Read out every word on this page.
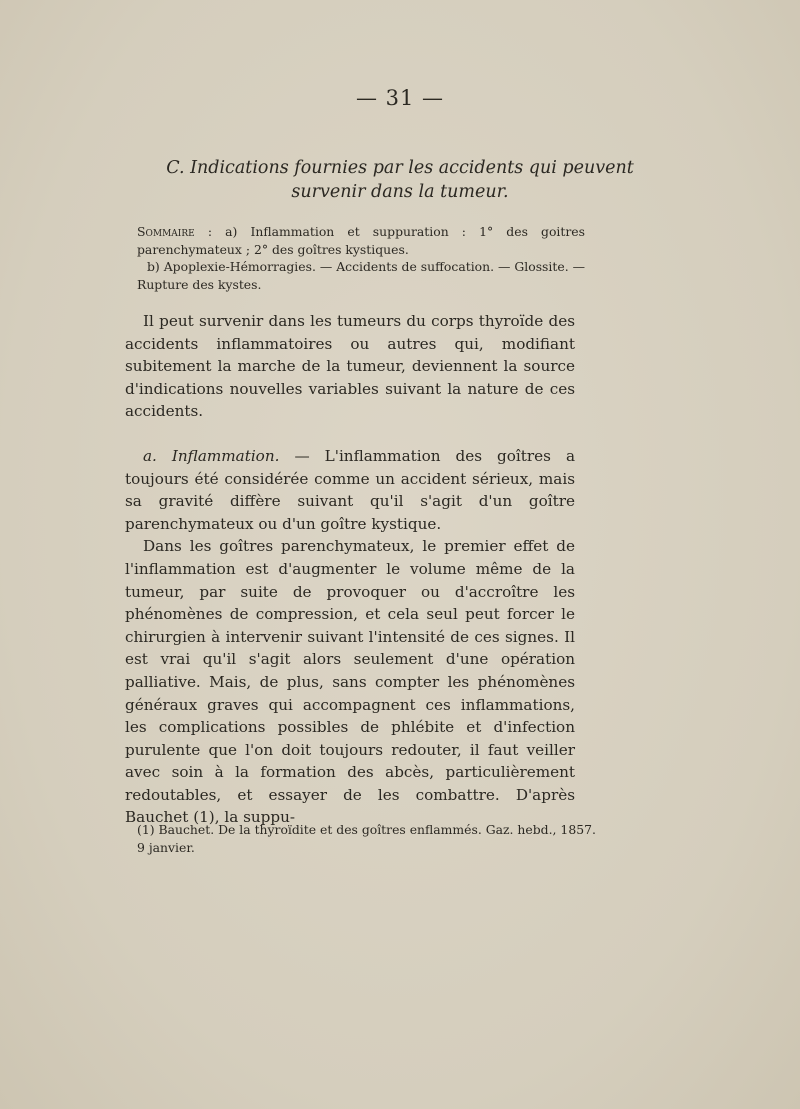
— 31 —
C. Indications fournies par les accidents qui peuvent
survenir dans la tumeur.

Sommaire : a) Inflammation et suppuration : 1° des goitres parenchymateux ; 2° des goîtres kystiques.

b) Apoplexie-Hémorragies. — Accidents de suffocation. — Glossite. — Rupture des kystes.

Il peut survenir dans les tumeurs du corps thyroïde des accidents inflammatoires ou autres qui, modifiant subitement la marche de la tumeur, deviennent la source d'indications nouvelles variables suivant la nature de ces accidents.

a. Inflammation. — L'inflammation des goîtres a toujours été considérée comme un accident sérieux, mais sa gravité diffère suivant qu'il s'agit d'un goître parenchymateux ou d'un goître kystique.

Dans les goîtres parenchymateux, le premier effet de l'inflammation est d'augmenter le volume même de la tumeur, par suite de provoquer ou d'accroître les phénomènes de compression, et cela seul peut forcer le chirurgien à intervenir suivant l'intensité de ces signes. Il est vrai qu'il s'agit alors seulement d'une opération palliative. Mais, de plus, sans compter les phénomènes généraux graves qui accompagnent ces inflammations, les complications possibles de phlébite et d'infection purulente que l'on doit toujours redouter, il faut veiller avec soin à la formation des abcès, particulièrement redoutables, et essayer de les combattre. D'après Bauchet (1), la suppu-

(1) Bauchet. De la thyroïdite et des goîtres enflammés. Gaz. hebd., 1857. 9 janvier.
